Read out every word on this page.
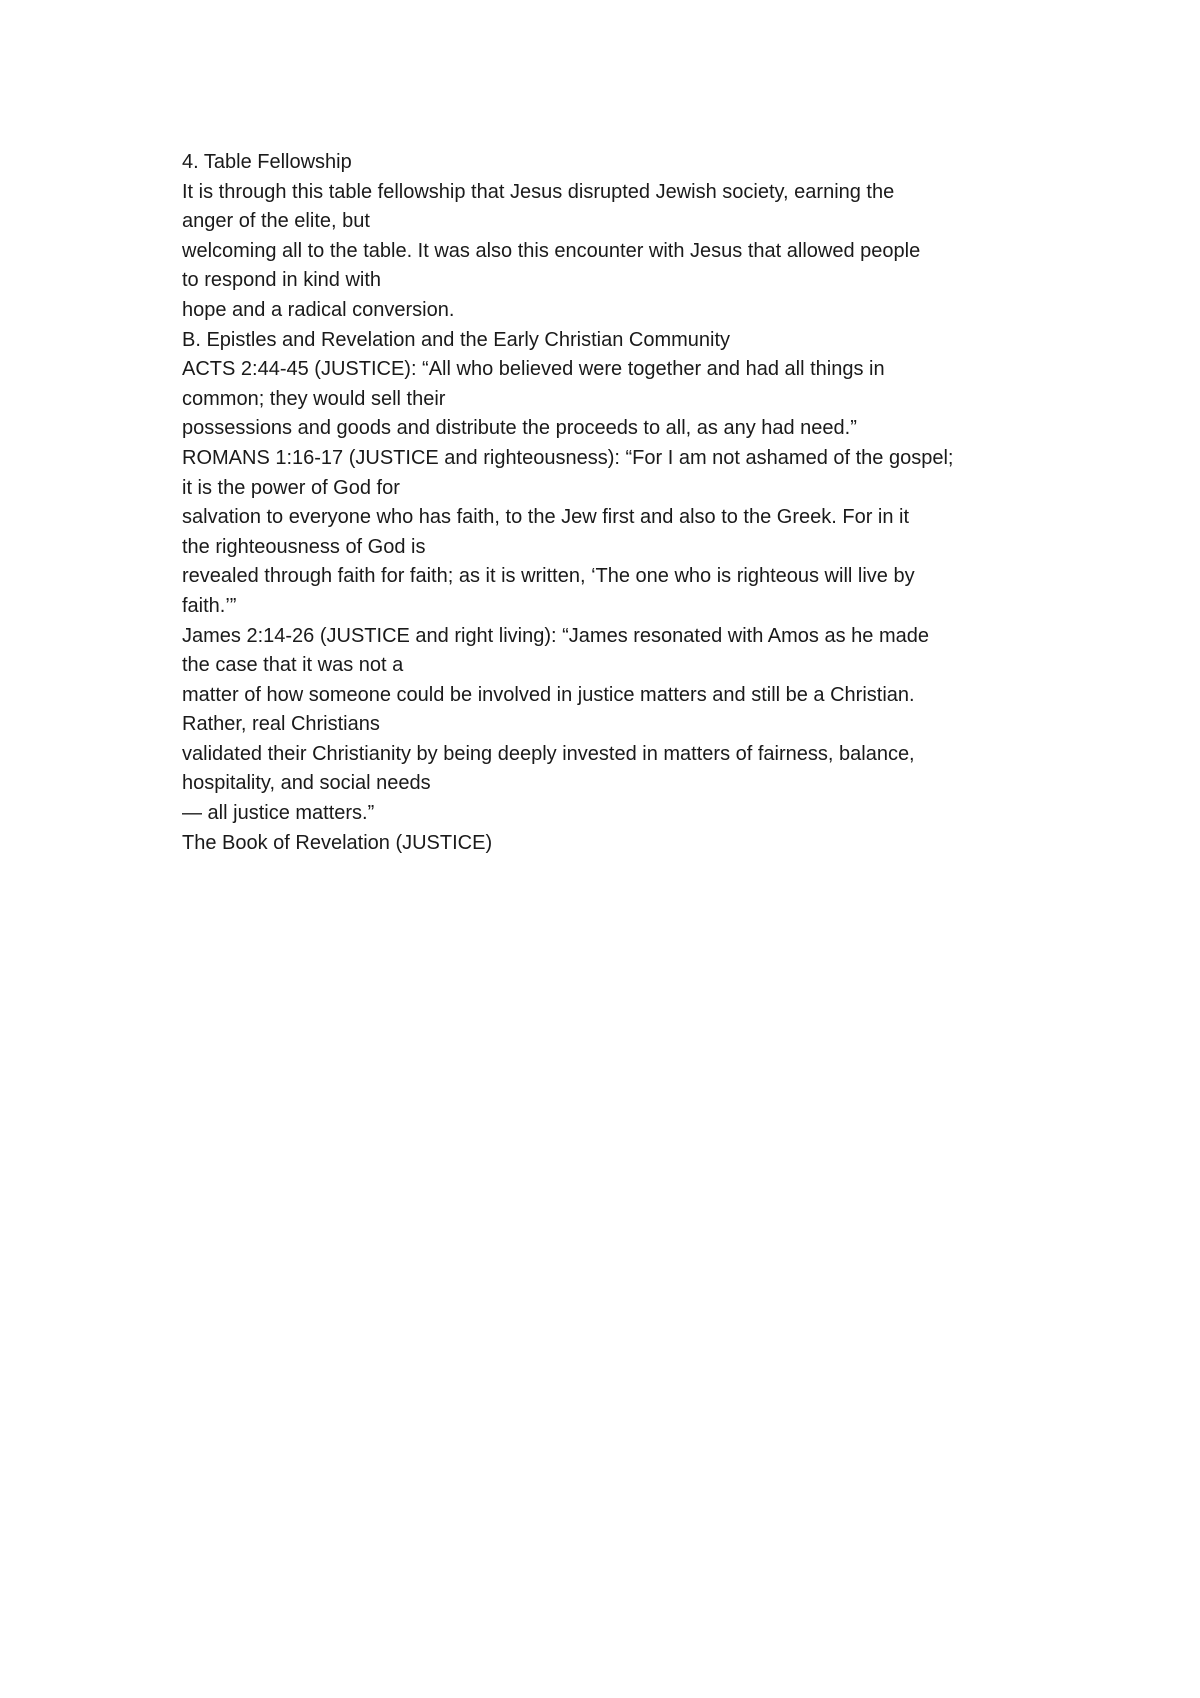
4. Table Fellowship
It is through this table fellowship that Jesus disrupted Jewish society, earning the
anger of the elite, but
welcoming all to the table. It was also this encounter with Jesus that allowed people
to respond in kind with
hope and a radical conversion.
B. Epistles and Revelation and the Early Christian Community
ACTS 2:44-45 (JUSTICE): “All who believed were together and had all things in
common; they would sell their
possessions and goods and distribute the proceeds to all, as any had need.”
ROMANS 1:16-17 (JUSTICE and righteousness): “For I am not ashamed of the gospel;
it is the power of God for
salvation to everyone who has faith, to the Jew first and also to the Greek. For in it
the righteousness of God is
revealed through faith for faith; as it is written, ‘The one who is righteous will live by
faith.’”
James 2:14-26 (JUSTICE and right living): “James resonated with Amos as he made
the case that it was not a
matter of how someone could be involved in justice matters and still be a Christian.
Rather, real Christians
validated their Christianity by being deeply invested in matters of fairness, balance,
hospitality, and social needs
— all justice matters.”
The Book of Revelation (JUSTICE)
